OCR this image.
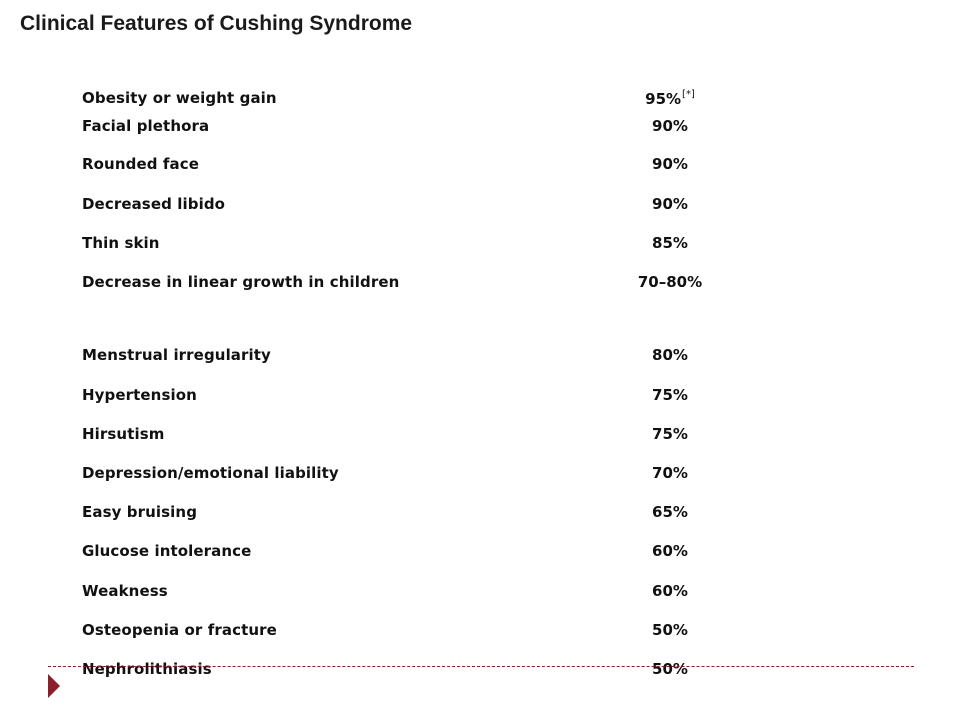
Clinical Features of Cushing Syndrome
Obesity or weight gain	95%[*]
Facial plethora	90%
Rounded face	90%
Decreased libido	90%
Thin skin	85%
Decrease in linear growth in children	70–80%
Menstrual irregularity	80%
Hypertension	75%
Hirsutism	75%
Depression/emotional liability	70%
Easy bruising	65%
Glucose intolerance	60%
Weakness	60%
Osteopenia or fracture	50%
Nephrolithiasis	50%
